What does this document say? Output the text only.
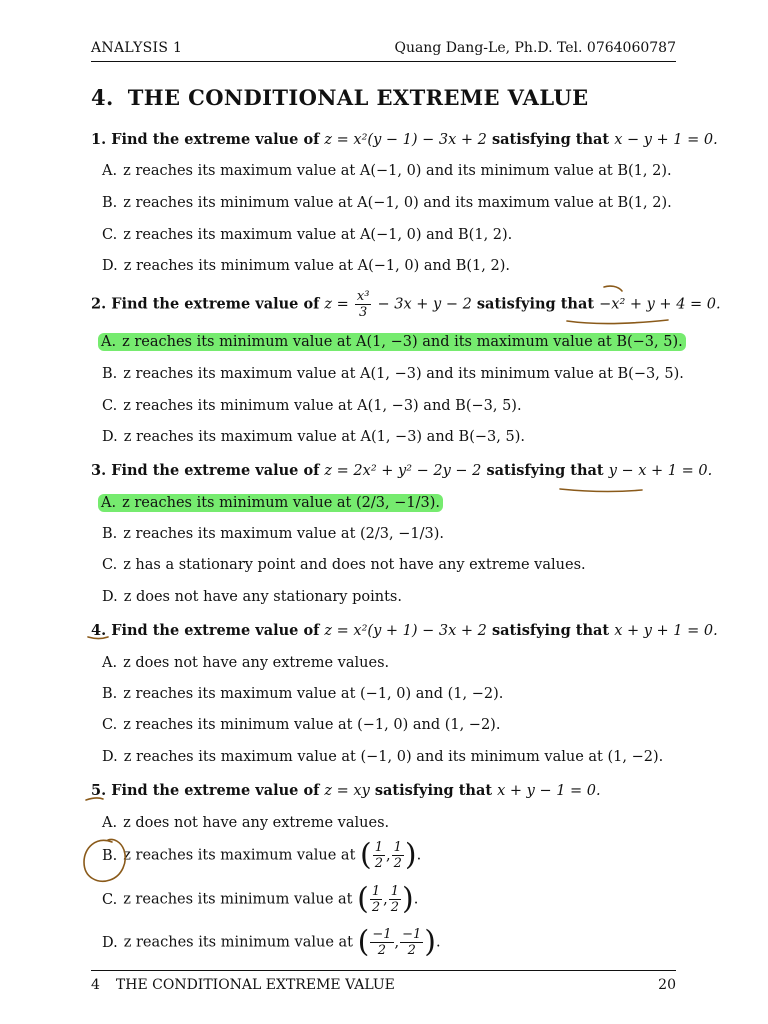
ANALYSIS 1	Quang Dang-Le, Ph.D. Tel. 0764060787
4. THE CONDITIONAL EXTREME VALUE
1. Find the extreme value of z = x²(y − 1) − 3x + 2 satisfying that x − y + 1 = 0.
A. z reaches its maximum value at A(−1, 0) and its minimum value at B(1, 2).
B. z reaches its minimum value at A(−1, 0) and its maximum value at B(1, 2).
C. z reaches its maximum value at A(−1, 0) and B(1, 2).
D. z reaches its minimum value at A(−1, 0) and B(1, 2).
2. Find the extreme value of $z = \frac{\text{x³}}{3} - 3x + y - 2$ satisfying that −x² + y + 4 = 0.
A. z reaches its minimum value at A(1, −3) and its maximum value at B(−3, 5).
B. z reaches its maximum value at A(1, −3) and its minimum value at B(−3, 5).
C. z reaches its minimum value at A(1, −3) and B(−3, 5).
D. z reaches its maximum value at A(1, −3) and B(−3, 5).
3. Find the extreme value of z = 2x² + y² − 2y − 2 satisfying that y − x + 1 = 0.
A. z reaches its minimum value at (2/3, −1/3).
B. z reaches its maximum value at (2/3, −1/3).
C. z has a stationary point and does not have any extreme values.
D. z does not have any stationary points.
4. Find the extreme value of z = x²(y + 1) − 3x + 2 satisfying that x + y + 1 = 0.
A. z does not have any extreme values.
B. z reaches its maximum value at (−1, 0) and (1, −2).
C. z reaches its minimum value at (−1, 0) and (1, −2).
D. z reaches its maximum value at (−1, 0) and its minimum value at (1, −2).
5. Find the extreme value of z = xy satisfying that x + y − 1 = 0.
A. z does not have any extreme values.
B. z reaches its maximum value at ( $\frac{1}{2}$ , $\frac{1}{2}$ ).
C. z reaches its minimum value at ( $\frac{1}{2}$ , $\frac{1}{2}$ ).
D. z reaches its minimum value at ( $\frac{-1}{2}$ , $\frac{-1}{2}$ ).
4 THE CONDITIONAL EXTREME VALUE	20
